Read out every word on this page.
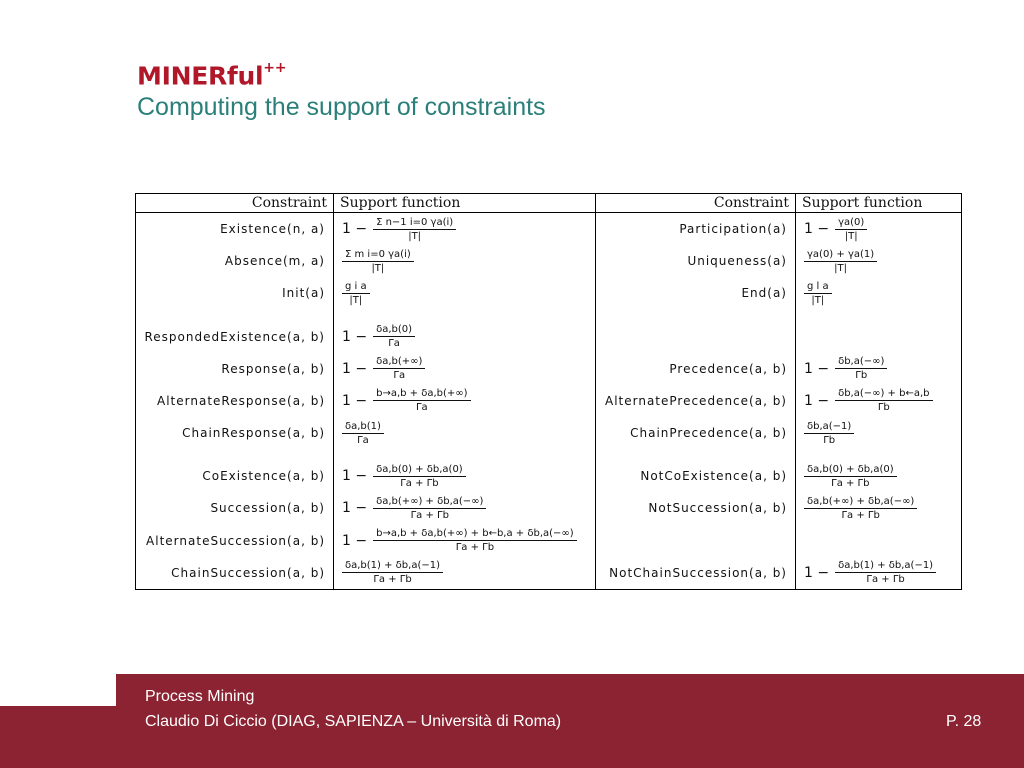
MINERful++
Computing the support of constraints
Constraint	Support function	Constraint	Support function
Existence(n, a)	$1 - \frac{\text{Σ n−1 i=0 γa(i)}}{|T|}$	Participation(a)	$1 - \frac{\gamma a(0)}{|T|}$

Absence(m, a)	$\frac{\text{Σ m i=0 γa(i)}}{|T|}$	Uniqueness(a)	$\frac{\gamma a(0) + \gamma a(1)}{|T|}$

Init(a)	$\frac{\text{g i a}}{|T|}$	End(a)	$\frac{\text{g l a}}{|T|}$

RespondedExistence(a, b)	$1 - \frac{\delta a,b(0)}{\Gamma a}$

Response(a, b)	$1 - \frac{\delta a,b(+\infty)}{\Gamma a}$	Precedence(a, b)	$1 - \frac{\delta b,a(-\infty)}{\Gamma b}$

AlternateResponse(a, b)	$1 - \frac{b\to a,b + \delta a,b(+\infty)}{\Gamma a}$	AlternatePrecedence(a, b)	$1 - \frac{\delta b,a(-\infty) + b\leftarrow a,b}{\Gamma b}$

ChainResponse(a, b)	$\frac{\delta a,b(1)}{\Gamma a}$	ChainPrecedence(a, b)	$\frac{\delta b,a(-1)}{\Gamma b}$

CoExistence(a, b)	$1 - \frac{\delta a,b(0) + \delta b,a(0)}{\Gamma a + \Gamma b}$	NotCoExistence(a, b)	$\frac{\delta a,b(0) + \delta b,a(0)}{\Gamma a + \Gamma b}$

Succession(a, b)	$1 - \frac{\delta a,b(+\infty) + \delta b,a(-\infty)}{\Gamma a + \Gamma b}$	NotSuccession(a, b)	$\frac{\delta a,b(+\infty) + \delta b,a(-\infty)}{\Gamma a + \Gamma b}$

AlternateSuccession(a, b)	$1 - \frac{b\to a,b + \delta a,b(+\infty) + b\leftarrow b,a + \delta b,a(-\infty)}{\Gamma a + \Gamma b}$

ChainSuccession(a, b)	$\frac{\delta a,b(1) + \delta b,a(-1)}{\Gamma a + \Gamma b}$	NotChainSuccession(a, b)	$1 - \frac{\delta a,b(1) + \delta b,a(-1)}{\Gamma a + \Gamma b}$
Process Mining
Claudio Di Ciccio (DIAG, SAPIENZA – Università di Roma)	P. 28
